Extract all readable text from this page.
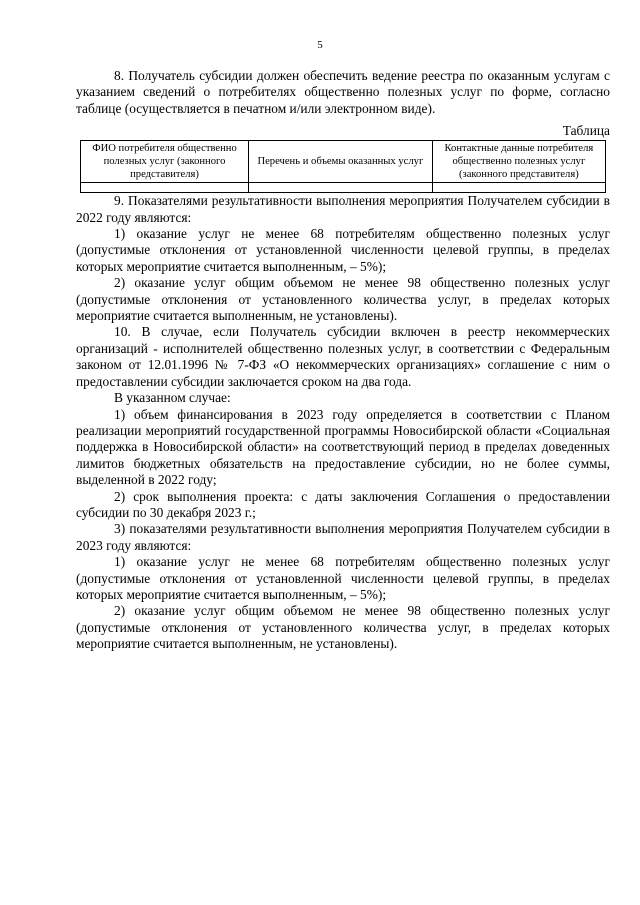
5

8. Получатель субсидии должен обеспечить ведение реестра по оказанным услугам с указанием сведений о потребителях общественно полезных услуг по форме, согласно таблице (осуществляется в печатном и/или электронном виде).

Таблица
ФИО потребителя общественно полезных услуг (законного представителя)	Перечень и объемы оказанных услуг	Контактные данные потребителя общественно полезных услуг (законного представителя)

9. Показателями результативности выполнения мероприятия Получателем субсидии в 2022 году являются:

1) оказание услуг не менее 68 потребителям общественно полезных услуг (допустимые отклонения от установленной численности целевой группы, в пределах которых мероприятие считается выполненным, – 5%);

2) оказание услуг общим объемом не менее 98 общественно полезных услуг (допустимые отклонения от установленного количества услуг, в пределах которых мероприятие считается выполненным, не установлены).

10. В случае, если Получатель субсидии включен в реестр некоммерческих организаций - исполнителей общественно полезных услуг, в соответствии с Федеральным законом от 12.01.1996 № 7-ФЗ «О некоммерческих организациях» соглашение с ним о предоставлении субсидии заключается сроком на два года.

В указанном случае:

1) объем финансирования в 2023 году определяется в соответствии с Планом реализации мероприятий государственной программы Новосибирской области «Социальная поддержка в Новосибирской области» на соответствующий период в пределах доведенных лимитов бюджетных обязательств на предоставление субсидии, но не более суммы, выделенной в 2022 году;

2) срок выполнения проекта: с даты заключения Соглашения о предоставлении субсидии по 30 декабря 2023 г.;

3) показателями результативности выполнения мероприятия Получателем субсидии в 2023 году являются:

1) оказание услуг не менее 68 потребителям общественно полезных услуг (допустимые отклонения от установленной численности целевой группы, в пределах которых мероприятие считается выполненным, – 5%);

2) оказание услуг общим объемом не менее 98 общественно полезных услуг (допустимые отклонения от установленного количества услуг, в пределах которых мероприятие считается выполненным, не установлены).
